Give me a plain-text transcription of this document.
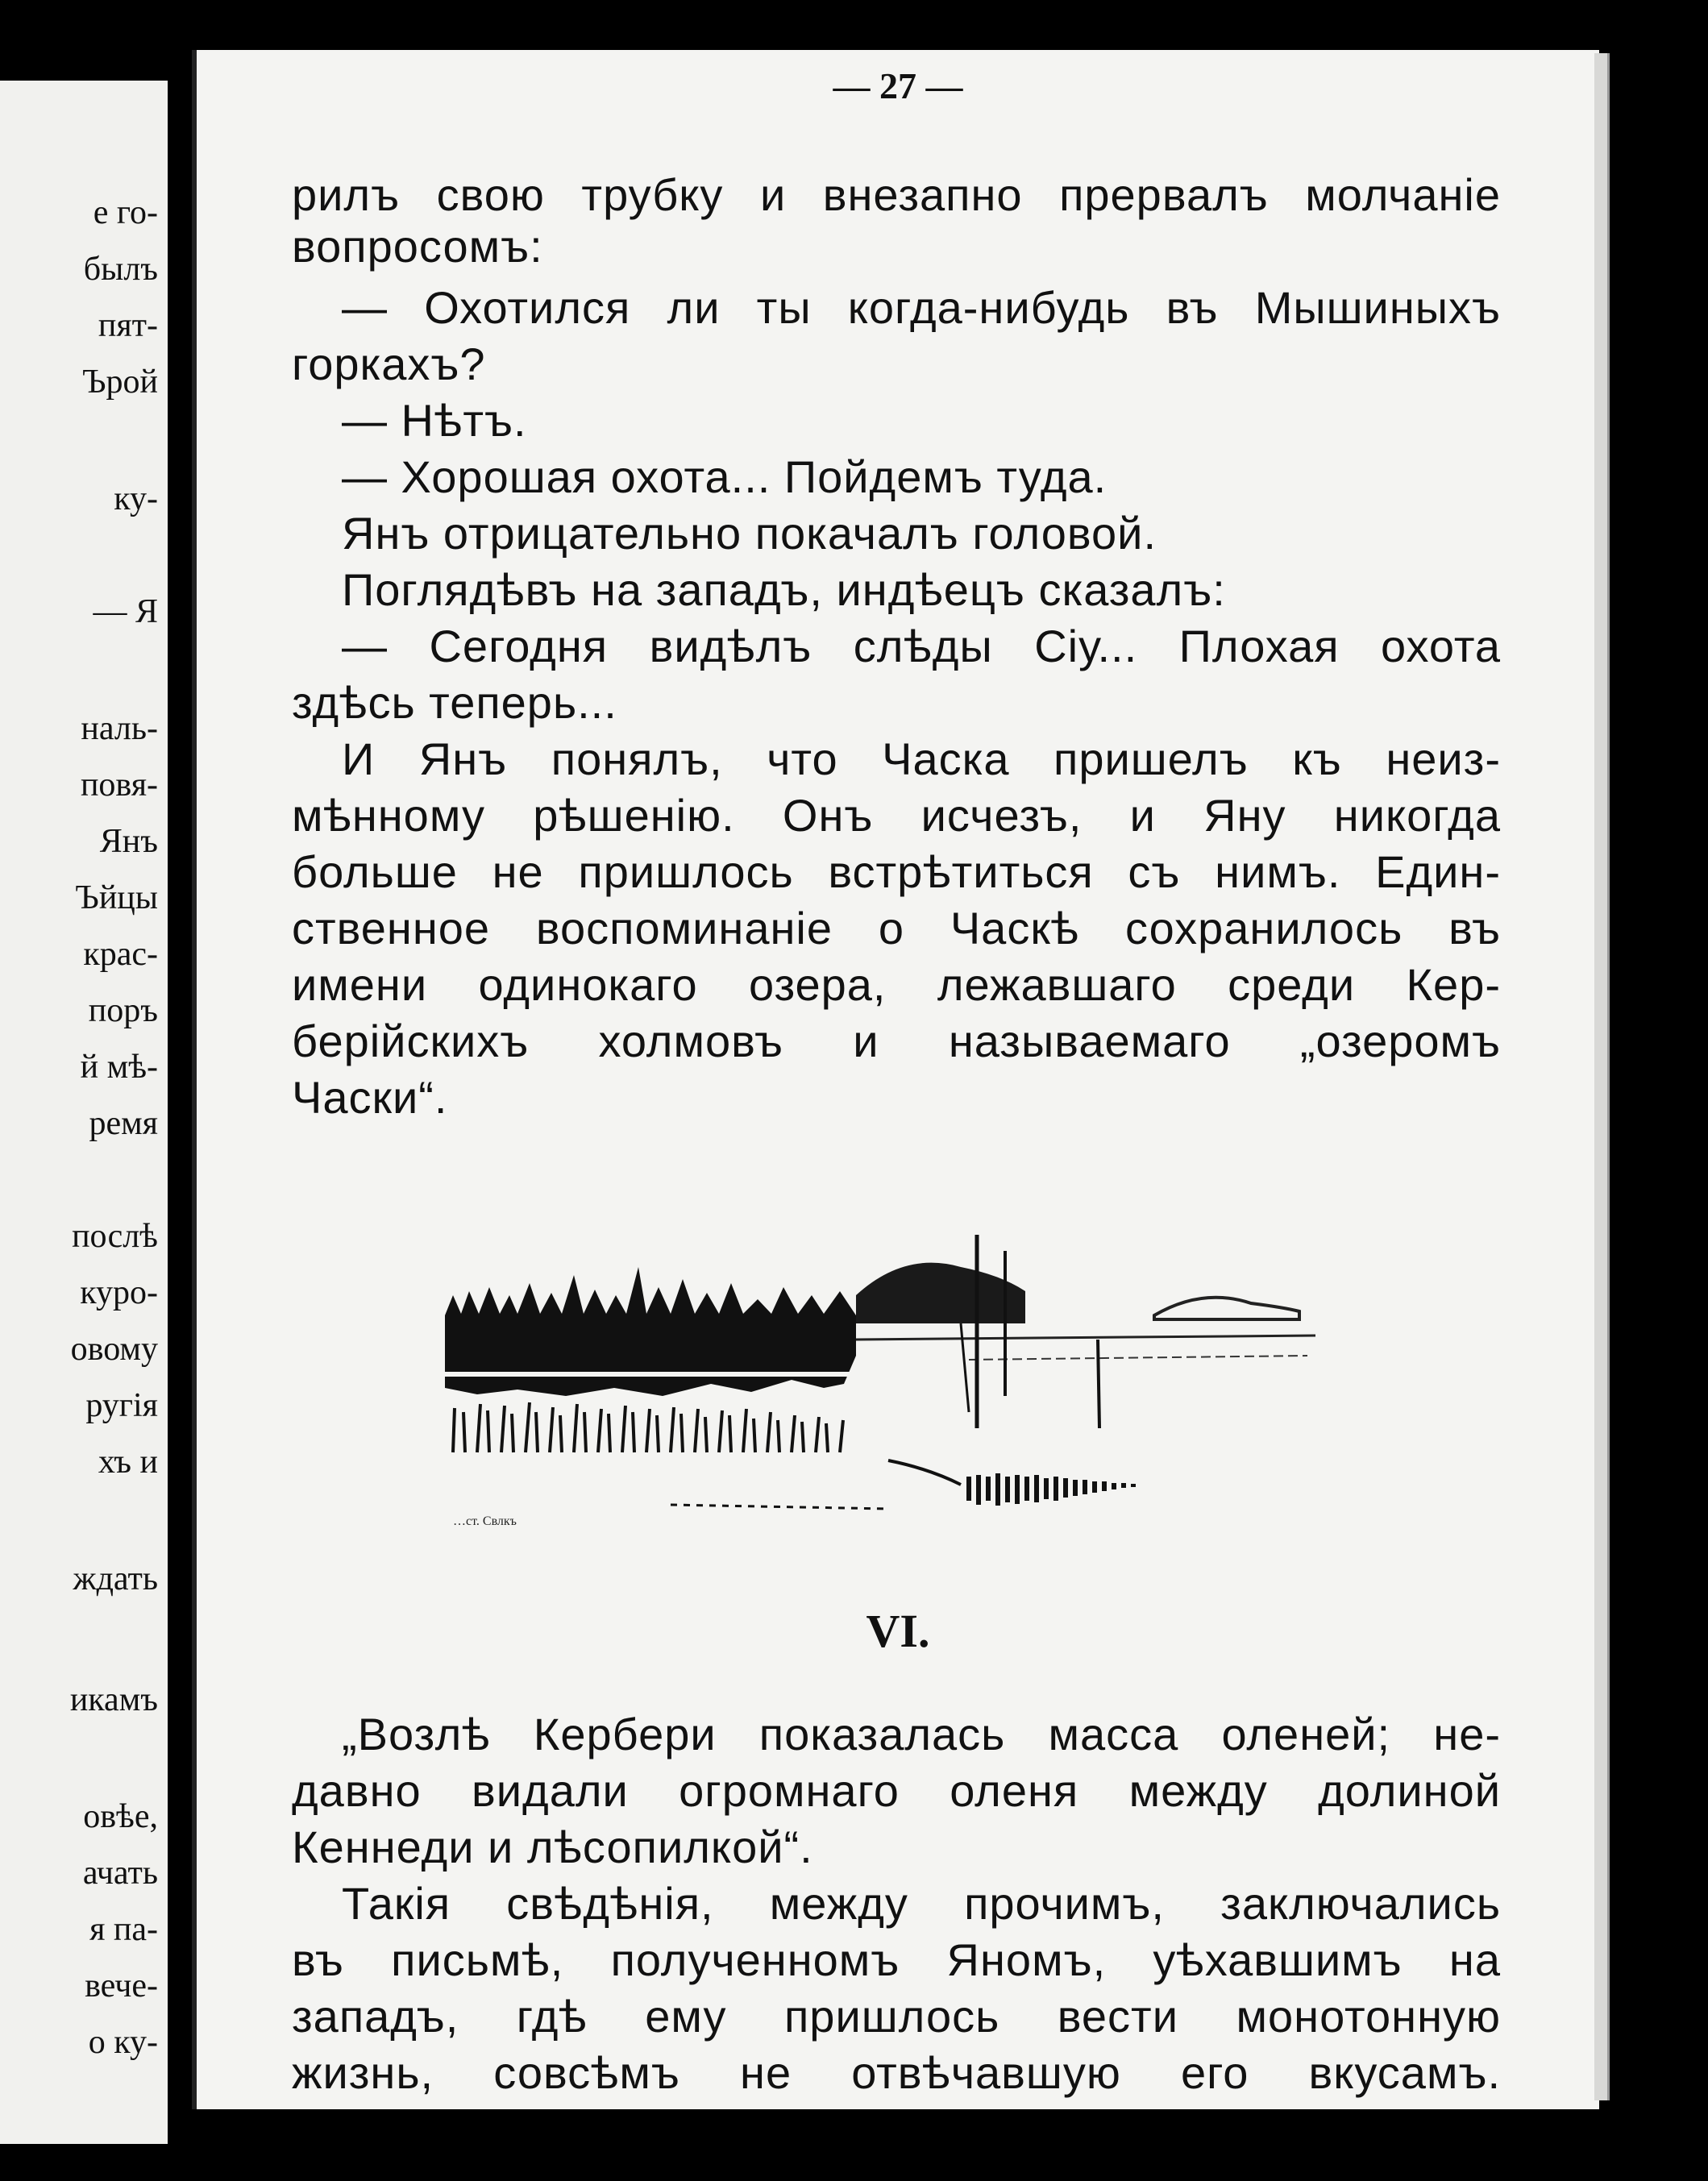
е го-
былъ
пят-
Ърой
ку-
— Я
наль-
повя-
Янъ
Ъйцы
крас-
поръ
й мѣ-
ремя
послѣ
куро-
овому
ругія
хъ и
ждать
икамъ
овѣе,
ачать
я па-
вече-
о ку-
— 27 —
рилъ свою трубку и внезапно прервалъ молчаніе
вопросомъ:
— Охотился ли ты когда-нибудь въ Мышиныхъ
горкахъ?
— Нѣтъ.
— Хорошая охота... Пойдемъ туда.
Янъ отрицательно покачалъ головой.
Поглядѣвъ на западъ, индѣецъ сказалъ:
— Сегодня видѣлъ слѣды Сіу... Плохая охота
здѣсь теперь...
И Янъ понялъ, что Часка пришелъ къ неиз-
мѣнному рѣшенію. Онъ исчезъ, и Яну никогда
больше не пришлось встрѣтиться съ нимъ. Един-
ственное воспоминаніе о Часкѣ сохранилось въ
имени одинокаго озера, лежавшаго среди Кер-
берійскихъ холмовъ и называемаго „озеромъ
Часки“.
…ст. Свлкъ
VI.
„Возлѣ Кербери показалась масса оленей; не-
давно видали огромнаго оленя между долиной
Кеннеди и лѣсопилкой“.
Такія свѣдѣнія, между прочимъ, заключались
въ письмѣ, полученномъ Яномъ, уѣхавшимъ на
западъ, гдѣ ему пришлось вести монотонную
жизнь, совсѣмъ не отвѣчавшую его вкусамъ.
